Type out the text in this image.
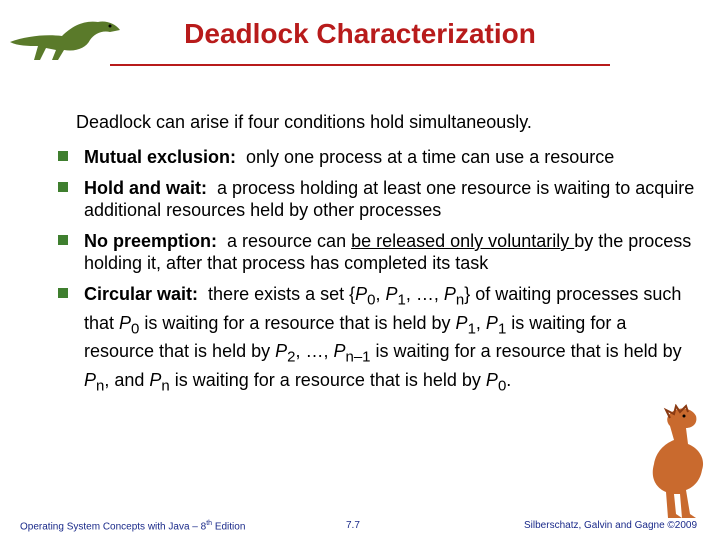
Deadlock Characterization
Deadlock can arise if four conditions hold simultaneously.
Mutual exclusion: only one process at a time can use a resource
Hold and wait: a process holding at least one resource is waiting to acquire additional resources held by other processes
No preemption: a resource can be released only voluntarily by the process holding it, after that process has completed its task
Circular wait: there exists a set {$P_0$, $P_1$, …, $P_n$} of waiting processes such that $P_0$ is waiting for a resource that is held by $P_1$, $P_1$ is waiting for a resource that is held by $P_2$, …, $P_{n-1}$ is waiting for a resource that is held by $P_n$, and $P_n$ is waiting for a resource that is held by $P_0$.
Operating System Concepts with Java – 8th Edition	7.7	Silberschatz, Galvin and Gagne ©2009
